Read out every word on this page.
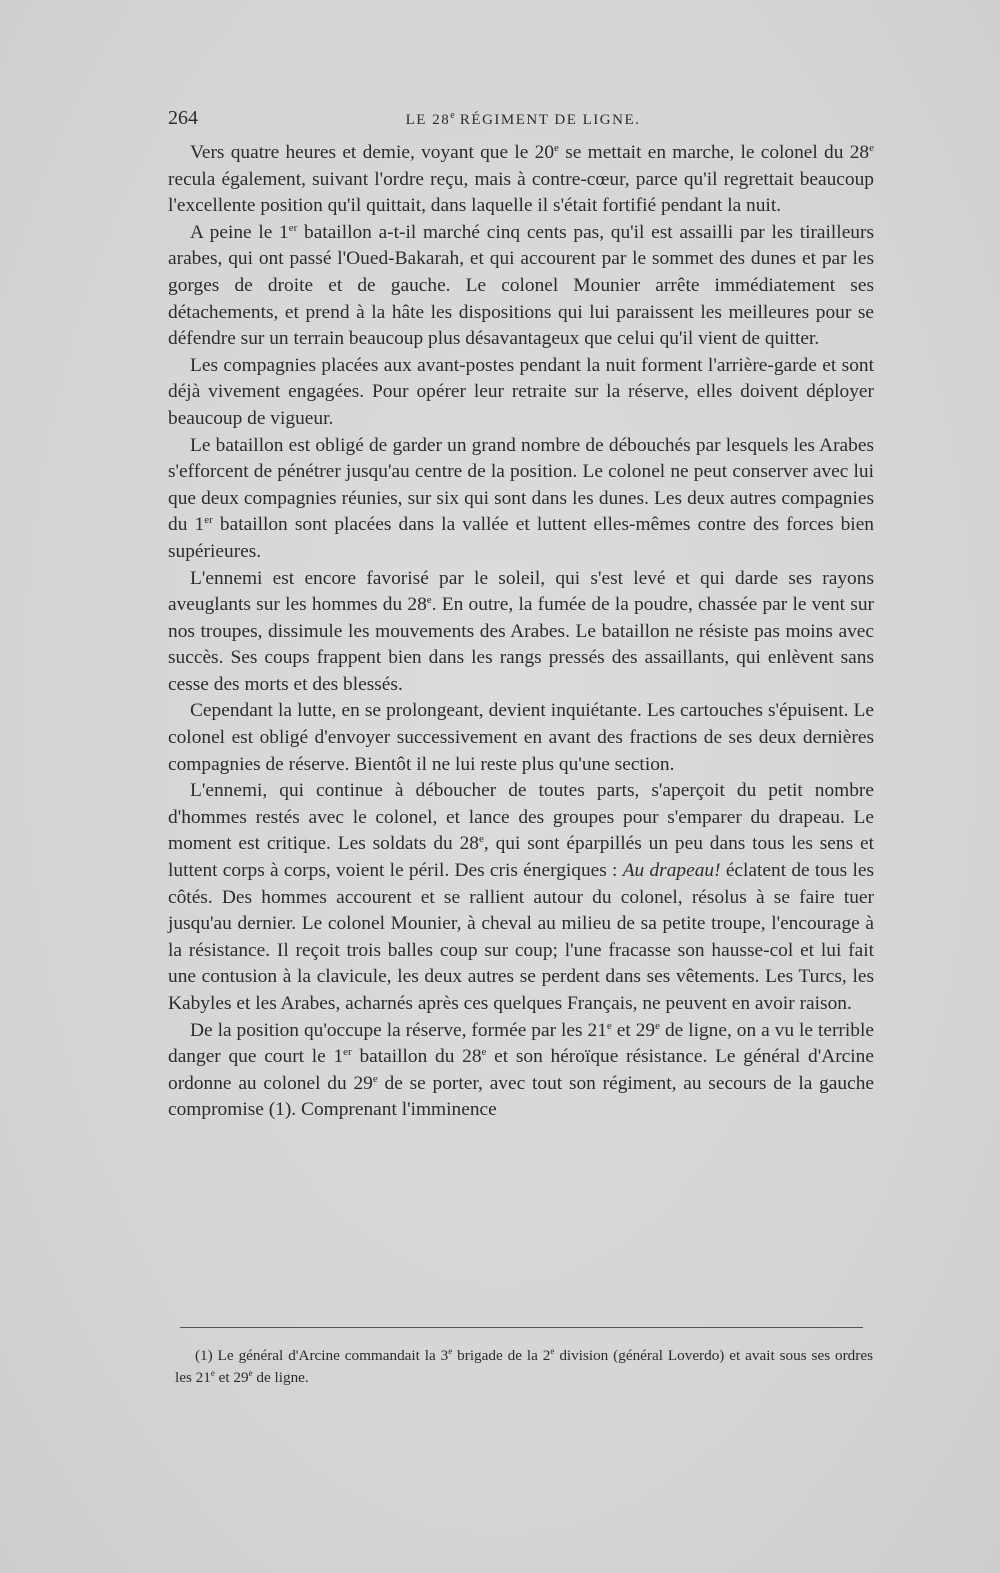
264	LE 28e RÉGIMENT DE LIGNE.

Vers quatre heures et demie, voyant que le 20e se mettait en marche, le colonel du 28e recula également, suivant l'ordre reçu, mais à contre-cœur, parce qu'il regrettait beaucoup l'excellente position qu'il quittait, dans laquelle il s'était fortifié pendant la nuit.

A peine le 1er bataillon a-t-il marché cinq cents pas, qu'il est assailli par les tirailleurs arabes, qui ont passé l'Oued-Bakarah, et qui accourent par le sommet des dunes et par les gorges de droite et de gauche. Le colonel Mounier arrête immédiatement ses détachements, et prend à la hâte les dispositions qui lui paraissent les meilleures pour se défendre sur un terrain beaucoup plus désavantageux que celui qu'il vient de quitter.

Les compagnies placées aux avant-postes pendant la nuit forment l'arrière-garde et sont déjà vivement engagées. Pour opérer leur retraite sur la réserve, elles doivent déployer beaucoup de vigueur.

Le bataillon est obligé de garder un grand nombre de débouchés par lesquels les Arabes s'efforcent de pénétrer jusqu'au centre de la position. Le colonel ne peut conserver avec lui que deux compagnies réunies, sur six qui sont dans les dunes. Les deux autres compagnies du 1er bataillon sont placées dans la vallée et luttent elles-mêmes contre des forces bien supérieures.

L'ennemi est encore favorisé par le soleil, qui s'est levé et qui darde ses rayons aveuglants sur les hommes du 28e. En outre, la fumée de la poudre, chassée par le vent sur nos troupes, dissimule les mouvements des Arabes. Le bataillon ne résiste pas moins avec succès. Ses coups frappent bien dans les rangs pressés des assaillants, qui enlèvent sans cesse des morts et des blessés.

Cependant la lutte, en se prolongeant, devient inquiétante. Les cartouches s'épuisent. Le colonel est obligé d'envoyer successivement en avant des fractions de ses deux dernières compagnies de réserve. Bientôt il ne lui reste plus qu'une section.

L'ennemi, qui continue à déboucher de toutes parts, s'aperçoit du petit nombre d'hommes restés avec le colonel, et lance des groupes pour s'emparer du drapeau. Le moment est critique. Les soldats du 28e, qui sont éparpillés un peu dans tous les sens et luttent corps à corps, voient le péril. Des cris énergiques : Au drapeau! éclatent de tous les côtés. Des hommes accourent et se rallient autour du colonel, résolus à se faire tuer jusqu'au dernier. Le colonel Mounier, à cheval au milieu de sa petite troupe, l'encourage à la résistance. Il reçoit trois balles coup sur coup; l'une fracasse son hausse-col et lui fait une contusion à la clavicule, les deux autres se perdent dans ses vêtements. Les Turcs, les Kabyles et les Arabes, acharnés après ces quelques Français, ne peuvent en avoir raison.

De la position qu'occupe la réserve, formée par les 21e et 29e de ligne, on a vu le terrible danger que court le 1er bataillon du 28e et son héroïque résistance. Le général d'Arcine ordonne au colonel du 29e de se porter, avec tout son régiment, au secours de la gauche compromise (1). Comprenant l'imminence

(1) Le général d'Arcine commandait la 3e brigade de la 2e division (général Loverdo) et avait sous ses ordres les 21e et 29e de ligne.
